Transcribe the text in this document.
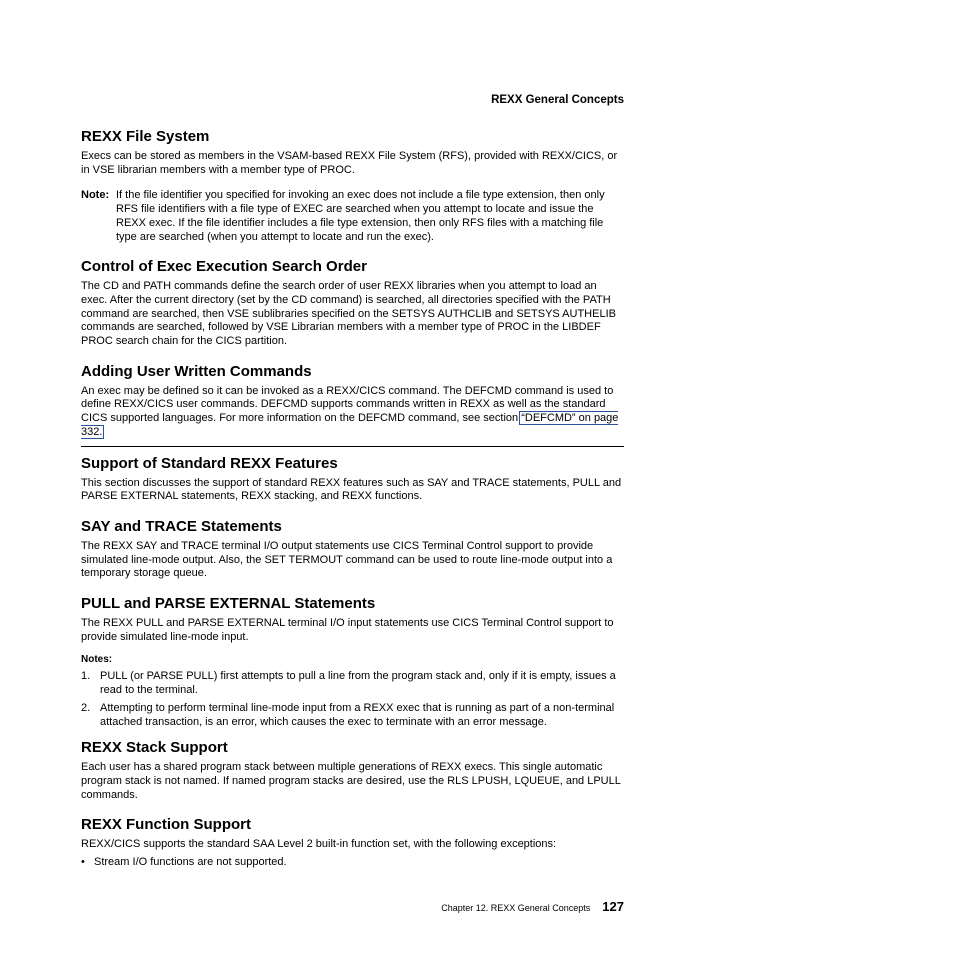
REXX General Concepts
REXX File System

Execs can be stored as members in the VSAM-based REXX File System (RFS), provided with REXX/CICS, or in VSE librarian members with a member type of PROC.

Note: If the file identifier you specified for invoking an exec does not include a file type extension, then only RFS file identifiers with a file type of EXEC are searched when you attempt to locate and issue the REXX exec. If the file identifier includes a file type extension, then only RFS files with a matching file type are searched (when you attempt to locate and run the exec).
Control of Exec Execution Search Order

The CD and PATH commands define the search order of user REXX libraries when you attempt to load an exec. After the current directory (set by the CD command) is searched, all directories specified with the PATH command are searched, then VSE sublibraries specified on the SETSYS AUTHCLIB and SETSYS AUTHELIB commands are searched, followed by VSE Librarian members with a member type of PROC in the LIBDEF PROC search chain for the CICS partition.

Adding User Written Commands

An exec may be defined so it can be invoked as a REXX/CICS command. The DEFCMD command is used to define REXX/CICS user commands. DEFCMD supports commands written in REXX as well as the standard CICS supported languages. For more information on the DEFCMD command, see section “DEFCMD” on page 332.

Support of Standard REXX Features

This section discusses the support of standard REXX features such as SAY and TRACE statements, PULL and PARSE EXTERNAL statements, REXX stacking, and REXX functions.

SAY and TRACE Statements

The REXX SAY and TRACE terminal I/O output statements use CICS Terminal Control support to provide simulated line-mode output. Also, the SET TERMOUT command can be used to route line-mode output into a temporary storage queue.

PULL and PARSE EXTERNAL Statements

The REXX PULL and PARSE EXTERNAL terminal I/O input statements use CICS Terminal Control support to provide simulated line-mode input.

Notes:
1. PULL (or PARSE PULL) first attempts to pull a line from the program stack and, only if it is empty, issues a read to the terminal.
2. Attempting to perform terminal line-mode input from a REXX exec that is running as part of a non-terminal attached transaction, is an error, which causes the exec to terminate with an error message.
REXX Stack Support

Each user has a shared program stack between multiple generations of REXX execs. This single automatic program stack is not named. If named program stacks are desired, use the RLS LPUSH, LQUEUE, and LPULL commands.

REXX Function Support

REXX/CICS supports the standard SAA Level 2 built-in function set, with the following exceptions:

• Stream I/O functions are not supported.
Chapter 12. REXX General Concepts 127
